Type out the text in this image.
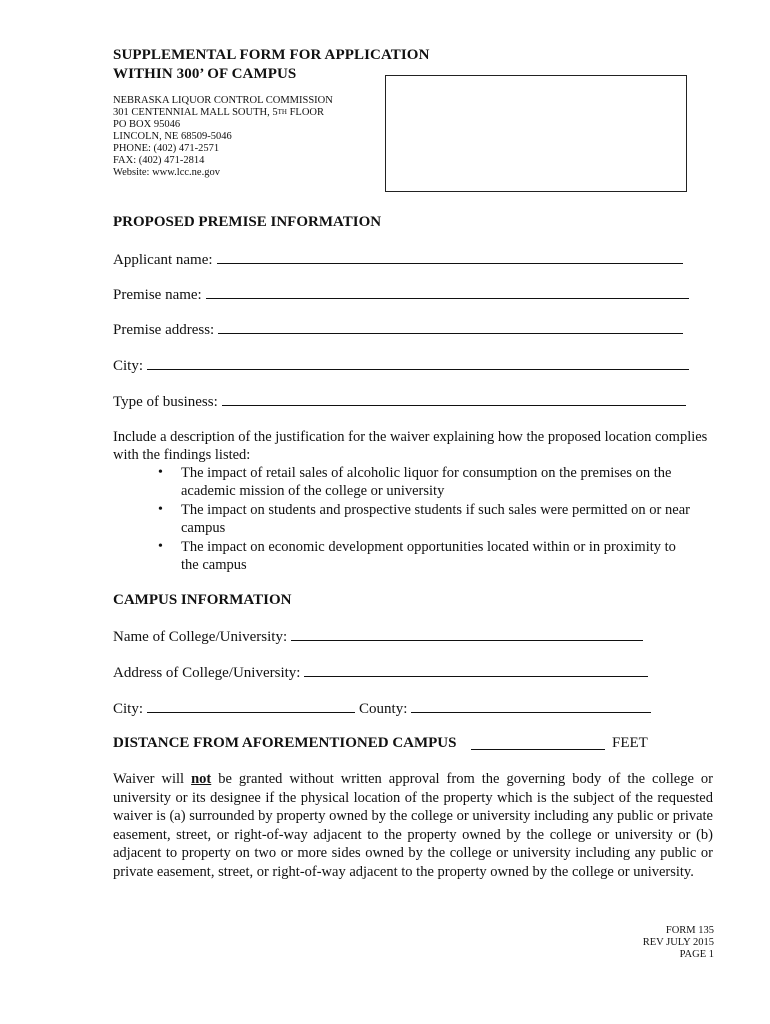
SUPPLEMENTAL FORM FOR APPLICATION
WITHIN 300’ OF CAMPUS
NEBRASKA LIQUOR CONTROL COMMISSION
301 CENTENNIAL MALL SOUTH, 5TH FLOOR
PO BOX 95046
LINCOLN, NE 68509-5046
PHONE: (402) 471-2571
FAX: (402) 471-2814
Website: www.lcc.ne.gov
PROPOSED PREMISE INFORMATION
Applicant name:
Premise name:
Premise address:
City:
Type of business:
Include a description of the justification for the waiver explaining how the proposed location complies with the findings listed:
• The impact of retail sales of alcoholic liquor for consumption on the premises on the
academic mission of the college or university
• The impact on students and prospective students if such sales were permitted on or near
campus
• The impact on economic development opportunities located within or in proximity to
the campus
CAMPUS INFORMATION
Name of College/University:
Address of College/University:
City:	County:
DISTANCE FROM AFOREMENTIONED CAMPUS	FEET
Waiver will not be granted without written approval from the governing body of the college or university or its designee if the physical location of the property which is the subject of the requested waiver is (a) surrounded by property owned by the college or university including any public or private easement, street, or right-of-way adjacent to the property owned by the college or university or (b) adjacent to property on two or more sides owned by the college or university including any public or private easement, street, or right-of-way adjacent to the property owned by the college or university.
FORM 135
REV JULY 2015
PAGE 1
